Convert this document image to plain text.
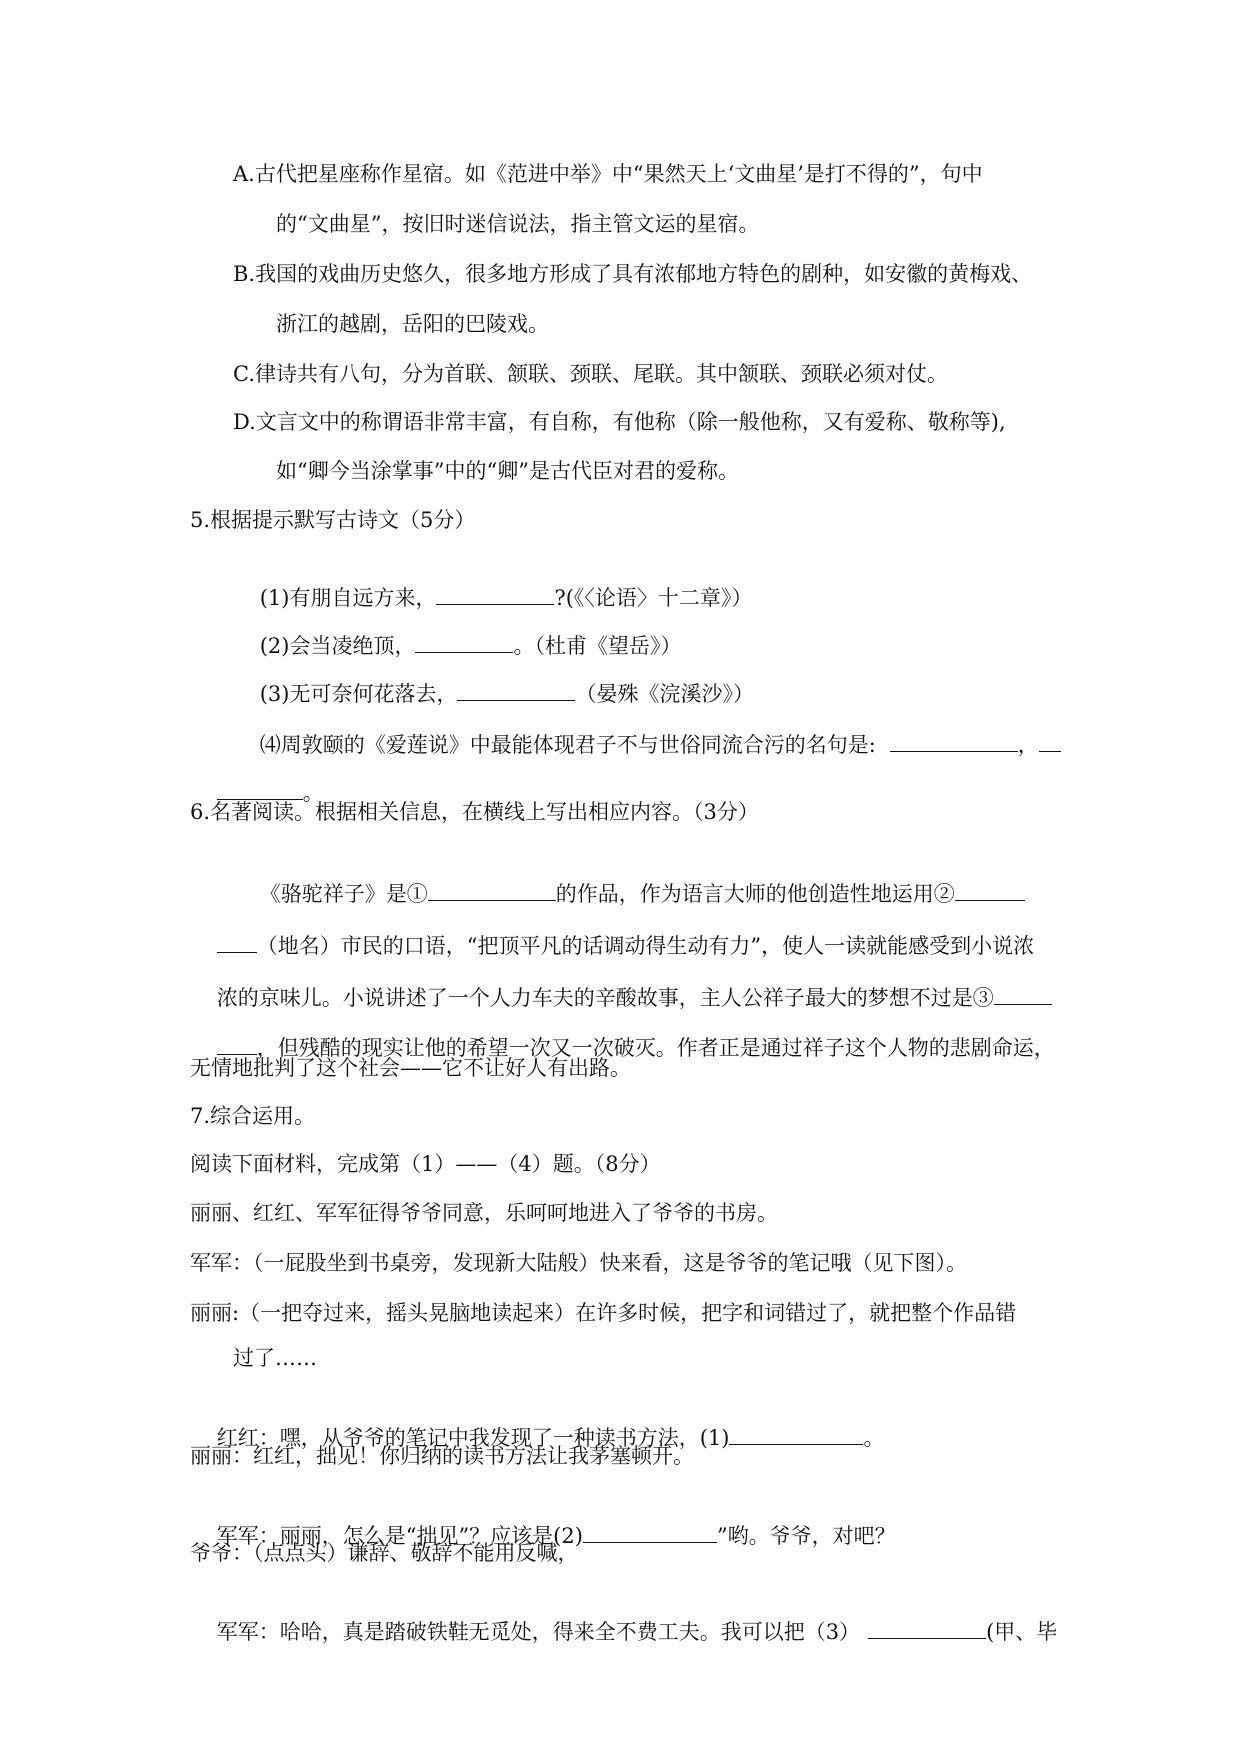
A.古代把星座称作星宿。如《范进中举》中“果然天上‘文曲星’是打不得的”，句中
的“文曲星”，按旧时迷信说法，指主管文运的星宿。
B.我国的戏曲历史悠久，很多地方形成了具有浓郁地方特色的剧种，如安徽的黄梅戏、
浙江的越剧，岳阳的巴陵戏。
C.律诗共有八句，分为首联、颔联、颈联、尾联。其中颔联、颈联必须对仗。
D.文言文中的称谓语非常丰富，有自称，有他称（除一般他称，又有爱称、敬称等),
如“卿今当涂掌事”中的“卿”是古代臣对君的爱称。
5.根据提示默写古诗文（5分）

(1)有朋自远方来，	?(《〈论语〉十二章》）

(2)会当凌绝顶，	。（杜甫《望岳》）

(3)无可奈何花落去，	（晏殊《浣溪沙》）

⑷周敦颐的《爱莲说》中最能体现君子不与世俗同流合污的名句是:	，

。

6.名著阅读。根据相关信息，在横线上写出相应内容。（3分）

《骆驼祥子》是①	的作品，作为语言大师的他创造性地运用②

（地名）市民的口语，“把顶平凡的话调动得生动有力”，使人一读就能感受到小说浓

浓的京味儿。小说讲述了一个人力车夫的辛酸故事，主人公祥子最大的梦想不过是③

，但残酷的现实让他的希望一次又一次破灭。作者正是通过祥子这个人物的悲剧命运，

无情地批判了这个社会——它不让好人有出路。
7.综合运用。
阅读下面材料，完成第（1）——（4）题。（8分）
丽丽、红红、军军征得爷爷同意，乐呵呵地进入了爷爷的书房。
军军：（一屁股坐到书桌旁，发现新大陆般）快来看，这是爷爷的笔记哦（见下图）。
丽丽:（一把夺过来，摇头晃脑地读起来）在许多时候，把字和词错过了，就把整个作品错
过了……

红红：嘿，从爷爷的笔记中我发现了一种读书方法，(1)	。

丽丽：红红，拙见！你归纳的读书方法让我茅塞顿开。

军军：丽丽，怎么是“拙见”？应该是(2)	”哟。爷爷，对吧？

爷爷：（点点头）谦辞、敬辞不能用反喊，

军军：哈哈，真是踏破铁鞋无觅处，得来全不费工夫。我可以把（3）	(甲、毕
